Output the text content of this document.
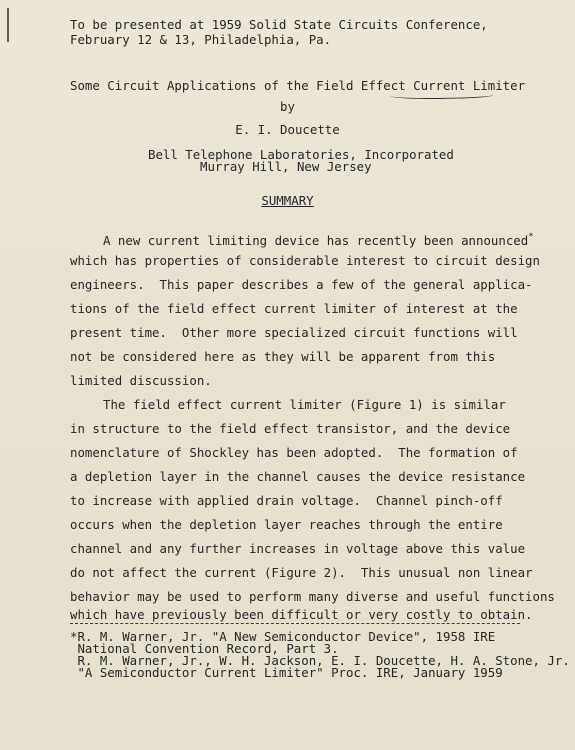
To be presented at 1959 Solid State Circuits Conference,
February 12 & 13, Philadelphia, Pa.
Some Circuit Applications of the Field Effect Current Limiter
by
E. I. Doucette
Bell Telephone Laboratories, Incorporated
Murray Hill, New Jersey
SUMMARY
A new current limiting device has recently been announced*
which has properties of considerable interest to circuit design
engineers.  This paper describes a few of the general applica-
tions of the field effect current limiter of interest at the
present time.  Other more specialized circuit functions will
not be considered here as they will be apparent from this
limited discussion.
The field effect current limiter (Figure 1) is similar
in structure to the field effect transistor, and the device
nomenclature of Shockley has been adopted.  The formation of
a depletion layer in the channel causes the device resistance
to increase with applied drain voltage.  Channel pinch-off
occurs when the depletion layer reaches through the entire
channel and any further increases in voltage above this value
do not affect the current (Figure 2).  This unusual non linear
behavior may be used to perform many diverse and useful functions
which have previously been difficult or very costly to obtain.
*R. M. Warner, Jr. "A New Semiconductor Device", 1958 IRE
National Convention Record, Part 3.
R. M. Warner, Jr., W. H. Jackson, E. I. Doucette, H. A. Stone, Jr.
"A Semiconductor Current Limiter" Proc. IRE, January 1959
